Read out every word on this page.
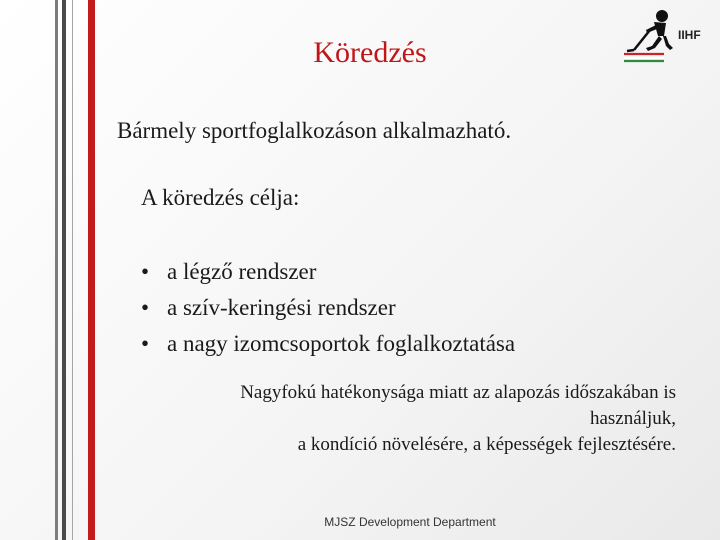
Köredzés
IIHF

Bármely sportfoglalkozáson alkalmazható.

A köredzés célja:

• a légző rendszer
• a szív-keringési rendszer
• a nagy izomcsoportok foglalkoztatása

Nagyfokú hatékonysága miatt az alapozás időszakában is
használjuk,
a kondíció növelésére, a képességek fejlesztésére.

MJSZ Development Department
